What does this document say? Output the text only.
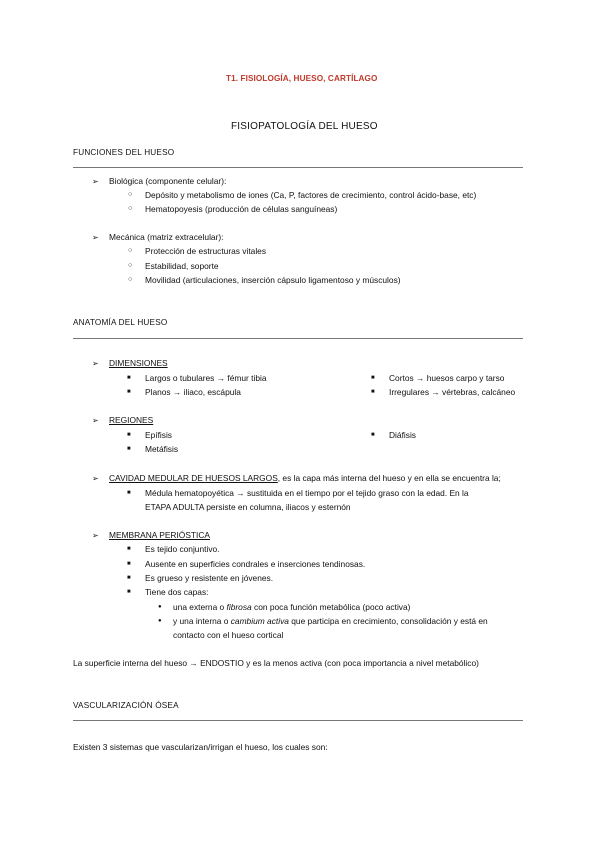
T1. FISIOLOGÍA, HUESO, CARTÍLAGO
FISIOPATOLOGÍA DEL HUESO
FUNCIONES DEL HUESO
➢ Biológica (componente celular):
○ Depósito y metabolismo de iones (Ca, P, factores de crecimiento, control ácido-base, etc)
○ Hematopoyesis (producción de células sanguíneas)
➢ Mecánica (matriz extracelular):
○ Protección de estructuras vitales
○ Estabilidad, soporte
○ Movilidad (articulaciones, inserción cápsulo ligamentoso y músculos)
ANATOMÍA DEL HUESO
➢ DIMENSIONES
■ Largos o tubulares → fémur tibia
■ Planos → iliaco, escápula
■ Cortos → huesos carpo y tarso
■ Irregulares → vértebras, calcáneo
➢ REGIONES
■ Epífisis
■ Metáfisis
■ Diáfisis
➢ CAVIDAD MEDULAR DE HUESOS LARGOS, es la capa más interna del hueso y en ella se encuentra la;
■ Médula hematopoyética → sustituida en el tiempo por el tejido graso con la edad. En la
ETAPA ADULTA persiste en columna, iliacos y esternón
➢ MEMBRANA PERIÓSTICA
■ Es tejido conjuntivo.
■ Ausente en superficies condrales e inserciones tendinosas.
■ Es grueso y resistente en jóvenes.
■ Tiene dos capas:
● una externa o fibrosa con poca función metabólica (poco activa)
● y una interna o cambium activa que participa en crecimiento, consolidación y está en
contacto con el hueso cortical
La superficie interna del hueso → ENDOSTIO y es la menos activa (con poca importancia a nivel metabólico)
VASCULARIZACIÓN ÓSEA
Existen 3 sistemas que vascularizan/irrigan el hueso, los cuales son:
